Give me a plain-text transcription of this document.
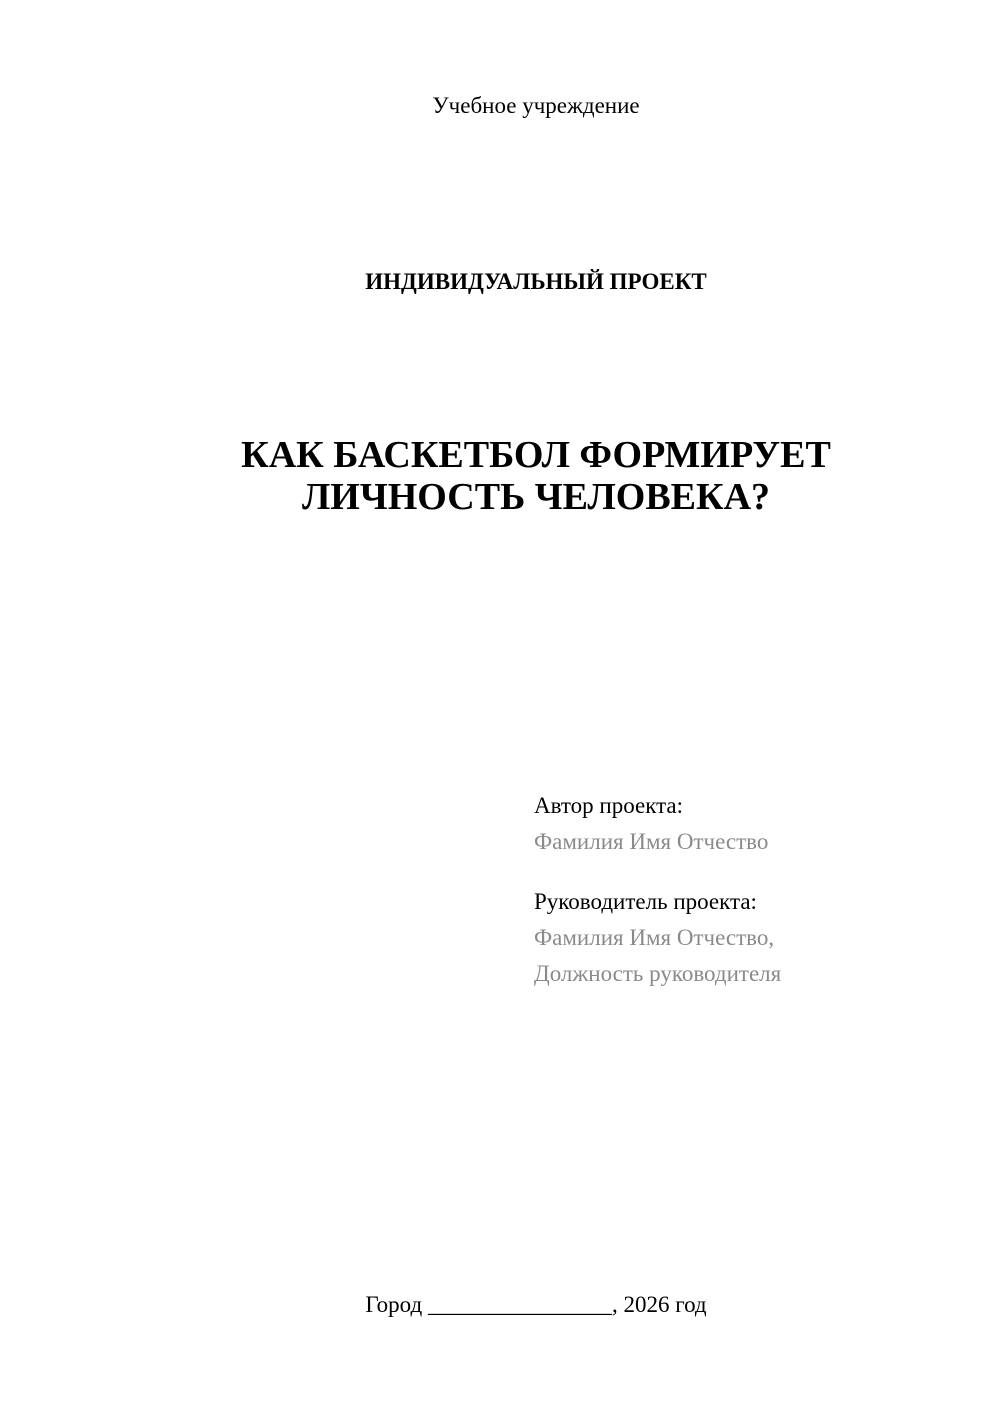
Учебное учреждение
ИНДИВИДУАЛЬНЫЙ ПРОЕКТ
КАК БАСКЕТБОЛ ФОРМИРУЕТ
ЛИЧНОСТЬ ЧЕЛОВЕКА?
Автор проекта:
Фамилия Имя Отчество
Руководитель проекта:
Фамилия Имя Отчество,
Должность руководителя
Город ________________, 2026 год
